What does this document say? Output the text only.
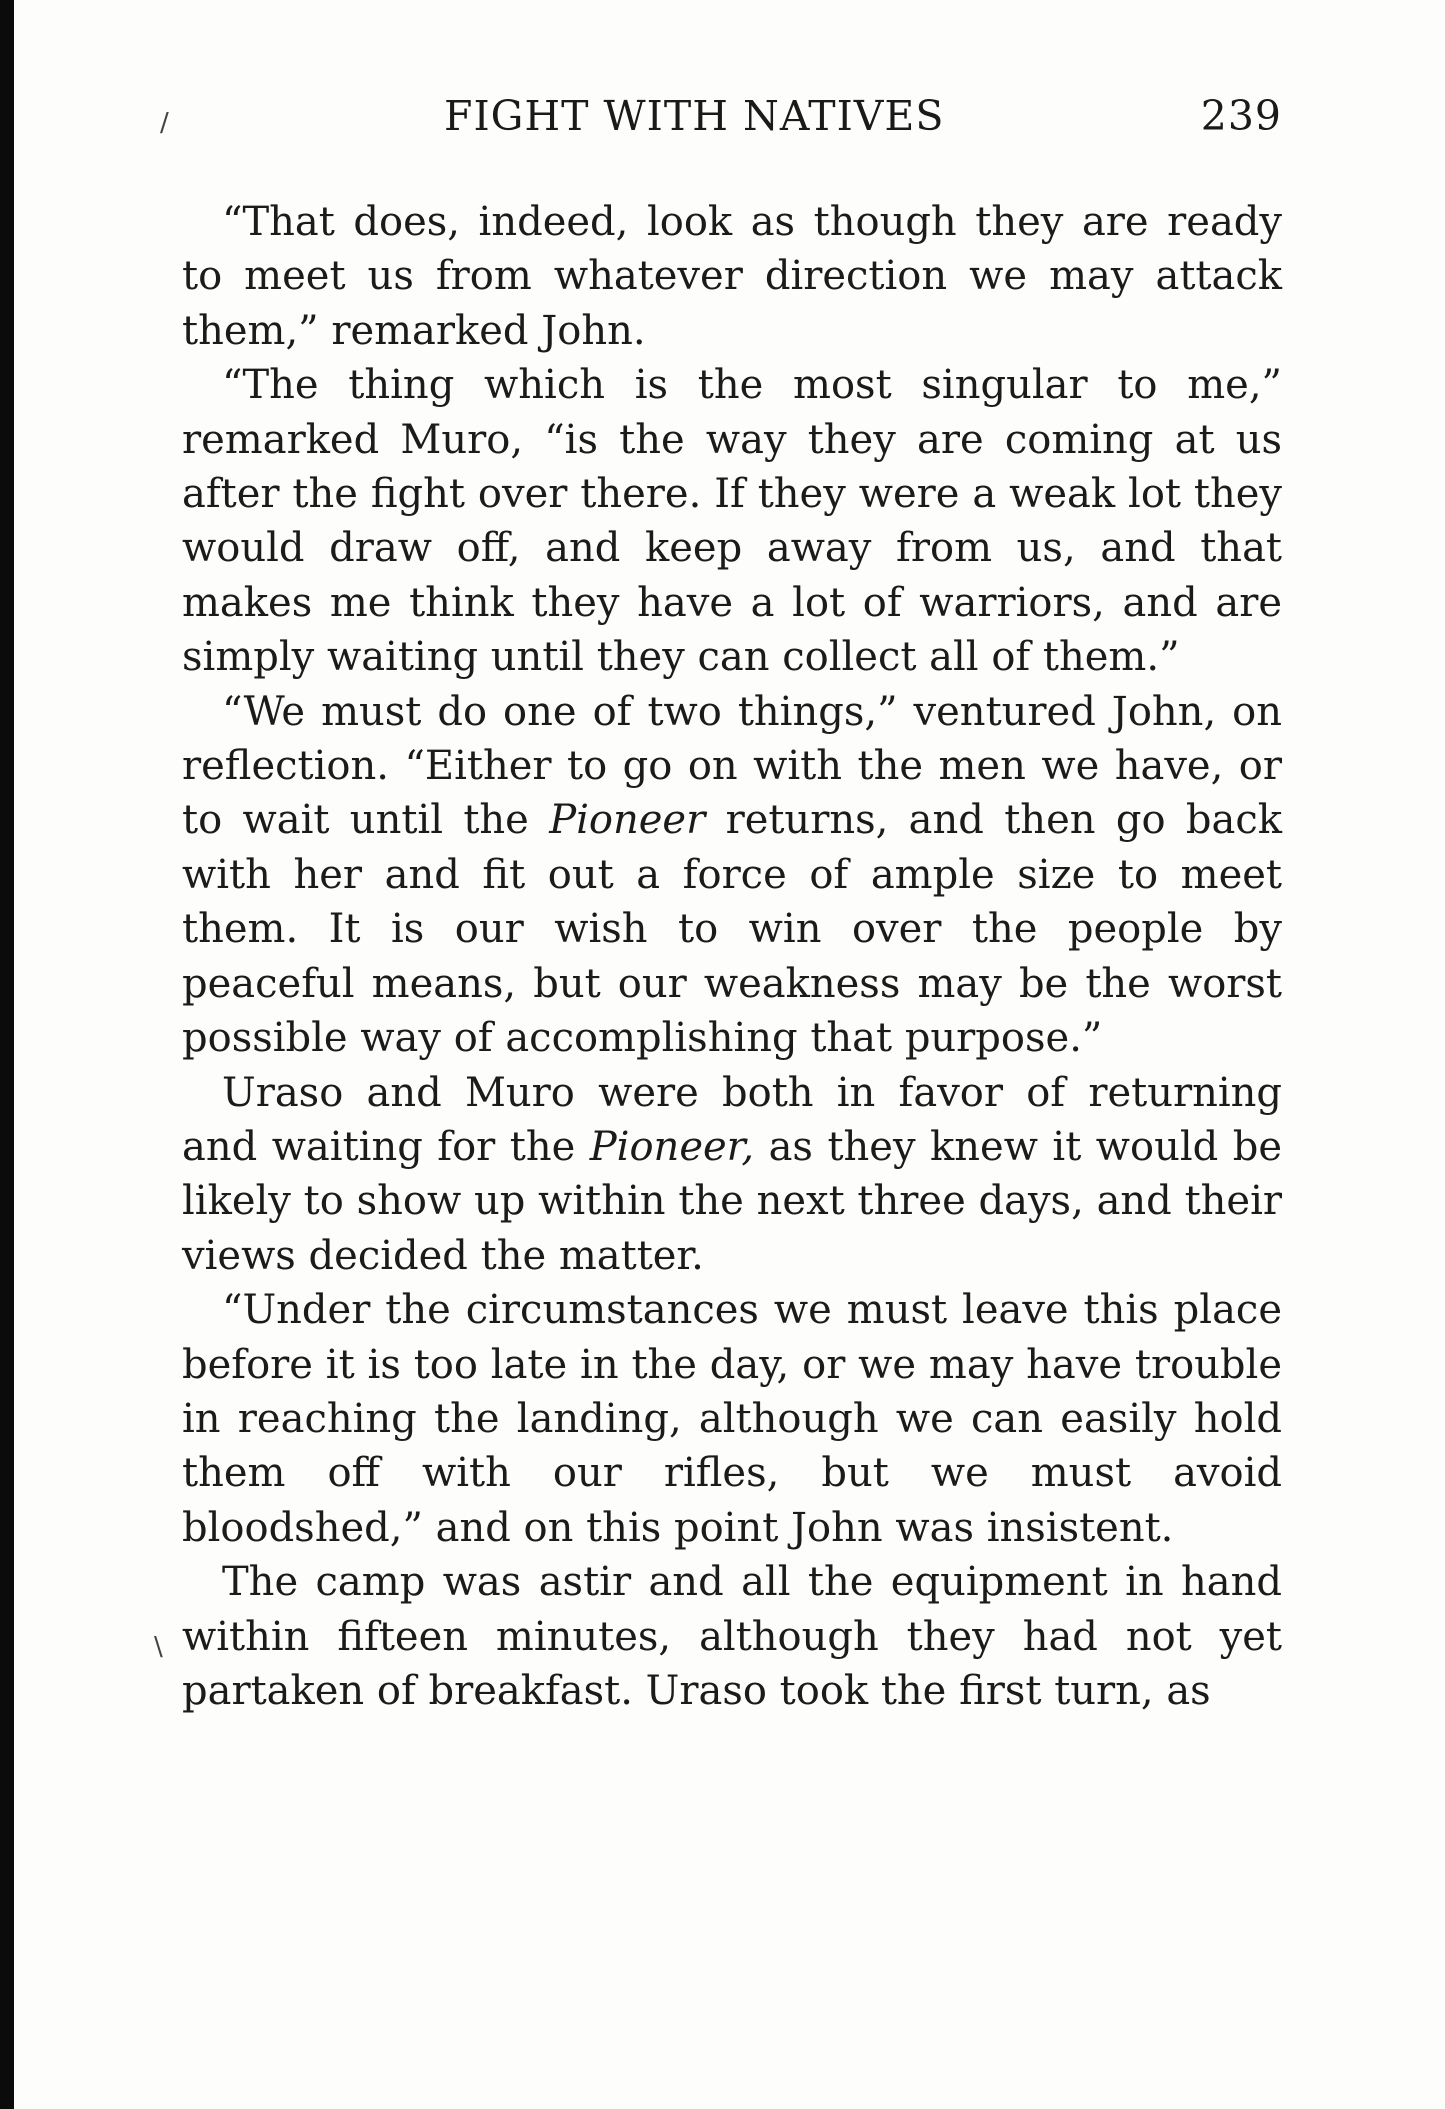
/
\
FIGHT WITH NATIVES	239

“That does, indeed, look as though they are ready to meet us from whatever direction we may attack them,” remarked John.

“The thing which is the most singular to me,” remarked Muro, “is the way they are coming at us after the fight over there. If they were a weak lot they would draw off, and keep away from us, and that makes me think they have a lot of warriors, and are simply waiting until they can collect all of them.”

“We must do one of two things,” ventured John, on reflection. “Either to go on with the men we have, or to wait until the Pioneer returns, and then go back with her and fit out a force of ample size to meet them. It is our wish to win over the people by peaceful means, but our weakness may be the worst possible way of accomplishing that purpose.”

Uraso and Muro were both in favor of returning and waiting for the Pioneer, as they knew it would be likely to show up within the next three days, and their views decided the matter.

“Under the circumstances we must leave this place before it is too late in the day, or we may have trouble in reaching the landing, although we can easily hold them off with our rifles, but we must avoid bloodshed,” and on this point John was insistent.

The camp was astir and all the equipment in hand within fifteen minutes, although they had not yet partaken of breakfast. Uraso took the first turn, as
